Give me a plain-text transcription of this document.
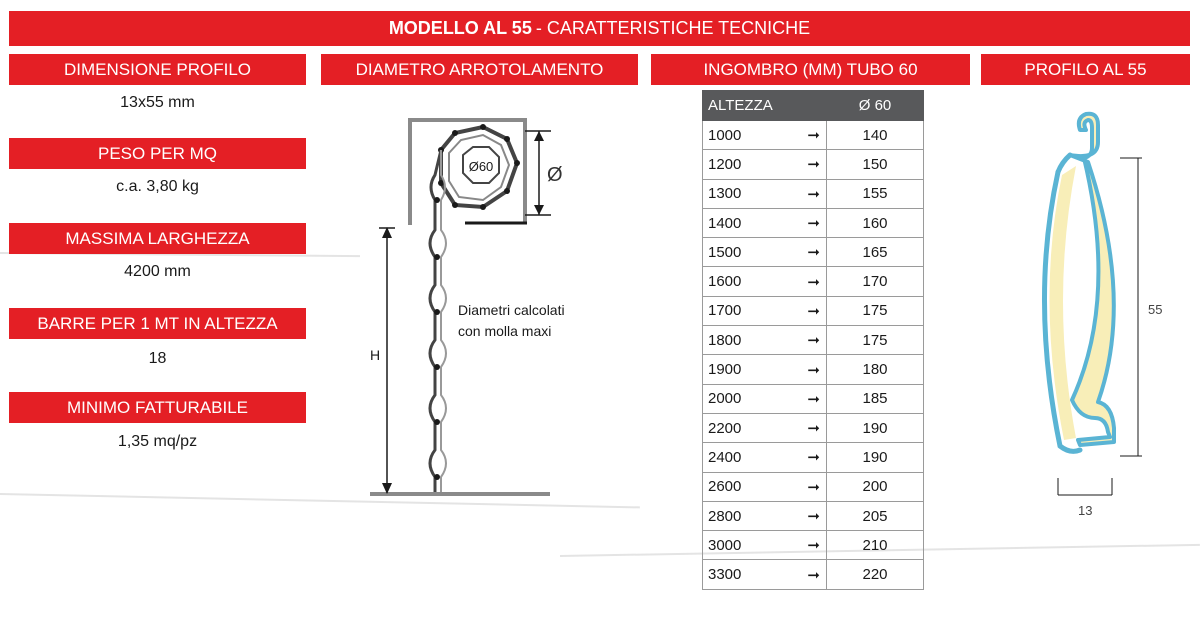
MODELLO AL 55 - CARATTERISTICHE TECNICHE
DIMENSIONE PROFILO
13x55 mm
PESO PER MQ
c.a. 3,80 kg
MASSIMA LARGHEZZA
4200 mm
BARRE PER 1 MT IN ALTEZZA
18
MINIMO FATTURABILE
1,35 mq/pz
DIAMETRO ARROTOLAMENTO	INGOMBRO (MM) TUBO 60	PROFILO AL 55
Ø60
H
Ø
Diametri calcolati
con molla maxi
ALTEZZA	Ø 60
1000 ➞	140
1200 ➞	150
1300 ➞	155
1400 ➞	160
1500 ➞	165
1600 ➞	170
1700 ➞	175
1800 ➞	175
1900 ➞	180
2000 ➞	185
2200 ➞	190
2400 ➞	190
2600 ➞	200
2800 ➞	205
3000 ➞	210
3300 ➞	220
55
13
